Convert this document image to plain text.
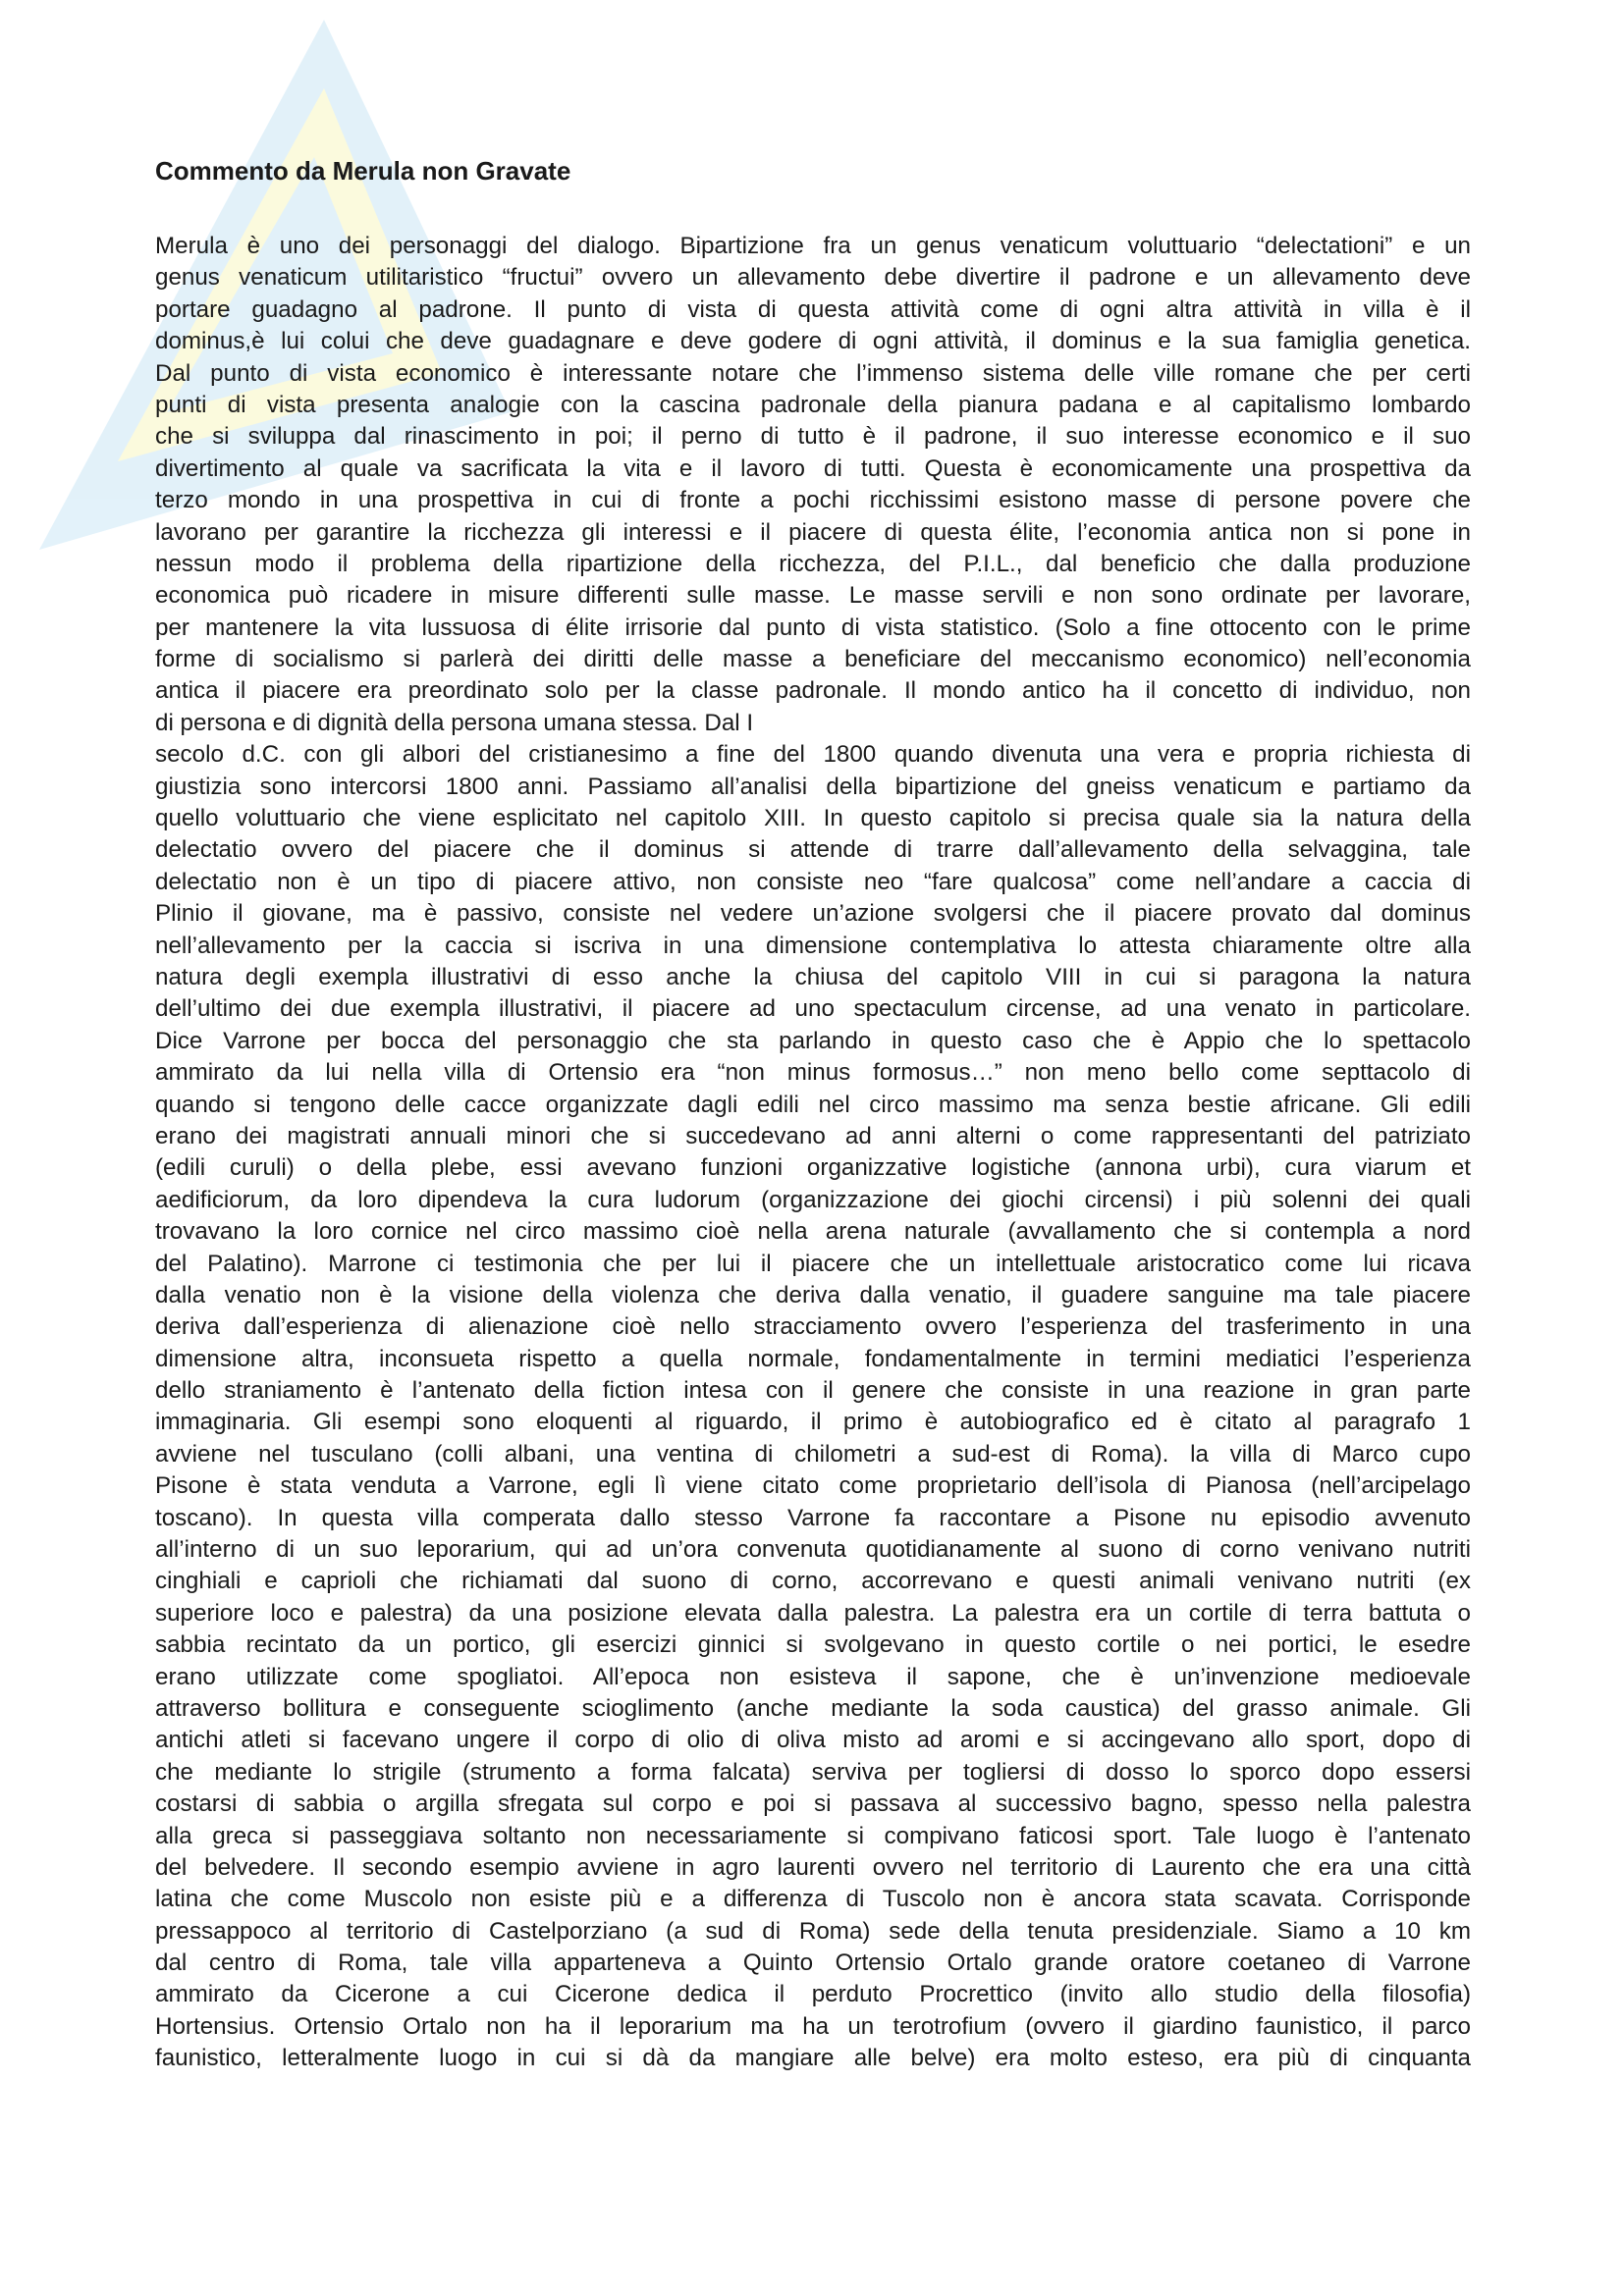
Commento da Merula non Gravate
Merula è uno dei personaggi del dialogo. Bipartizione fra un genus venaticum voluttuario “delectationi” e un
genus venaticum utilitaristico “fructui” ovvero un allevamento debe divertire il padrone e un allevamento deve
portare guadagno al padrone. Il punto di vista di questa attività come di ogni altra attività in villa è il
dominus,è lui colui che deve guadagnare e deve godere di ogni attività, il dominus e la sua famiglia genetica.
Dal punto di vista economico è interessante notare che l’immenso sistema delle ville romane che per certi
punti di vista presenta analogie con la cascina padronale della pianura padana e al capitalismo lombardo
che si sviluppa dal rinascimento in poi; il perno di tutto è il padrone, il suo interesse economico e il suo
divertimento al quale va sacrificata la vita e il lavoro di tutti. Questa è economicamente una prospettiva da
terzo mondo in una prospettiva in cui di fronte a pochi ricchissimi esistono masse di persone povere che
lavorano per garantire la ricchezza gli interessi e il piacere di questa élite, l’economia antica non si pone in
nessun modo il problema della ripartizione della ricchezza, del P.I.L., dal beneficio che dalla produzione
economica può ricadere in misure differenti sulle masse. Le masse servili e non sono ordinate per lavorare,
per mantenere la vita lussuosa di élite irrisorie dal punto di vista statistico. (Solo a fine ottocento con le prime
forme di socialismo si parlerà dei diritti delle masse a beneficiare del meccanismo economico) nell’economia
antica il piacere era preordinato solo per la classe padronale. Il mondo antico ha il concetto di individuo, non
di persona e di dignità della persona umana stessa. Dal I
secolo d.C. con gli albori del cristianesimo a fine del 1800 quando divenuta una vera e propria richiesta di
giustizia sono intercorsi 1800 anni. Passiamo all’analisi della bipartizione del gneiss venaticum e partiamo da
quello voluttuario che viene esplicitato nel capitolo XIII. In questo capitolo si precisa quale sia la natura della
delectatio ovvero del piacere che il dominus si attende di trarre dall’allevamento della selvaggina, tale
delectatio non è un tipo di piacere attivo, non consiste neo “fare qualcosa” come nell’andare a caccia di
Plinio il giovane, ma è passivo, consiste nel vedere un’azione svolgersi che il piacere provato dal dominus
nell’allevamento per la caccia si iscriva in una dimensione contemplativa lo attesta chiaramente oltre alla
natura degli exempla illustrativi di esso anche la chiusa del capitolo VIII in cui si paragona la natura
dell’ultimo dei due exempla illustrativi, il piacere ad uno spectaculum circense, ad una venato in particolare.
Dice Varrone per bocca del personaggio che sta parlando in questo caso che è Appio che lo spettacolo
ammirato da lui nella villa di Ortensio era “non minus formosus…” non meno bello come septtacolo di
quando si tengono delle cacce organizzate dagli edili nel circo massimo ma senza bestie africane. Gli edili
erano dei magistrati annuali minori che si succedevano ad anni alterni o come rappresentanti del patriziato
(edili curuli) o della plebe, essi avevano funzioni organizzative logistiche (annona urbi), cura viarum et
aedificiorum, da loro dipendeva la cura ludorum (organizzazione dei giochi circensi) i più solenni dei quali
trovavano la loro cornice nel circo massimo cioè nella arena naturale (avvallamento che si contempla a nord
del Palatino). Marrone ci testimonia che per lui il piacere che un intellettuale aristocratico come lui ricava
dalla venatio non è la visione della violenza che deriva dalla venatio, il guadere sanguine ma tale piacere
deriva dall’esperienza di alienazione cioè nello stracciamento ovvero l’esperienza del trasferimento in una
dimensione altra, inconsueta rispetto a quella normale, fondamentalmente in termini mediatici l’esperienza
dello straniamento è l’antenato della fiction intesa con il genere che consiste in una reazione in gran parte
immaginaria. Gli esempi sono eloquenti al riguardo, il primo è autobiografico ed è citato al paragrafo 1
avviene nel tusculano (colli albani, una ventina di chilometri a sud-est di Roma). la villa di Marco cupo
Pisone è stata venduta a Varrone, egli lì viene citato come proprietario dell’isola di Pianosa (nell’arcipelago
toscano). In questa villa comperata dallo stesso Varrone fa raccontare a Pisone nu episodio avvenuto
all’interno di un suo leporarium, qui ad un’ora convenuta quotidianamente al suono di corno venivano nutriti
cinghiali e caprioli che richiamati dal suono di corno, accorrevano e questi animali venivano nutriti (ex
superiore loco e palestra) da una posizione elevata dalla palestra. La palestra era un cortile di terra battuta o
sabbia recintato da un portico, gli esercizi ginnici si svolgevano in questo cortile o nei portici, le esedre
erano utilizzate come spogliatoi. All’epoca non esisteva il sapone, che è un’invenzione medioevale
attraverso bollitura e conseguente scioglimento (anche mediante la soda caustica) del grasso animale. Gli
antichi atleti si facevano ungere il corpo di olio di oliva misto ad aromi e si accingevano allo sport, dopo di
che mediante lo strigile (strumento a forma falcata) serviva per togliersi di dosso lo sporco dopo essersi
costarsi di sabbia o argilla sfregata sul corpo e poi si passava al successivo bagno, spesso nella palestra
alla greca si passeggiava soltanto non necessariamente si compivano faticosi sport. Tale luogo è l’antenato
del belvedere. Il secondo esempio avviene in agro laurenti ovvero nel territorio di Laurento che era una città
latina che come Muscolo non esiste più e a differenza di Tuscolo non è ancora stata scavata. Corrisponde
pressappoco al territorio di Castelporziano (a sud di Roma) sede della tenuta presidenziale. Siamo a 10 km
dal centro di Roma, tale villa apparteneva a Quinto Ortensio Ortalo grande oratore coetaneo di Varrone
ammirato da Cicerone a cui Cicerone dedica il perduto Procrettico (invito allo studio della filosofia)
Hortensius. Ortensio Ortalo non ha il leporarium ma ha un terotrofium (ovvero il giardino faunistico, il parco
faunistico, letteralmente luogo in cui si dà da mangiare alle belve) era molto esteso, era più di cinquanta
